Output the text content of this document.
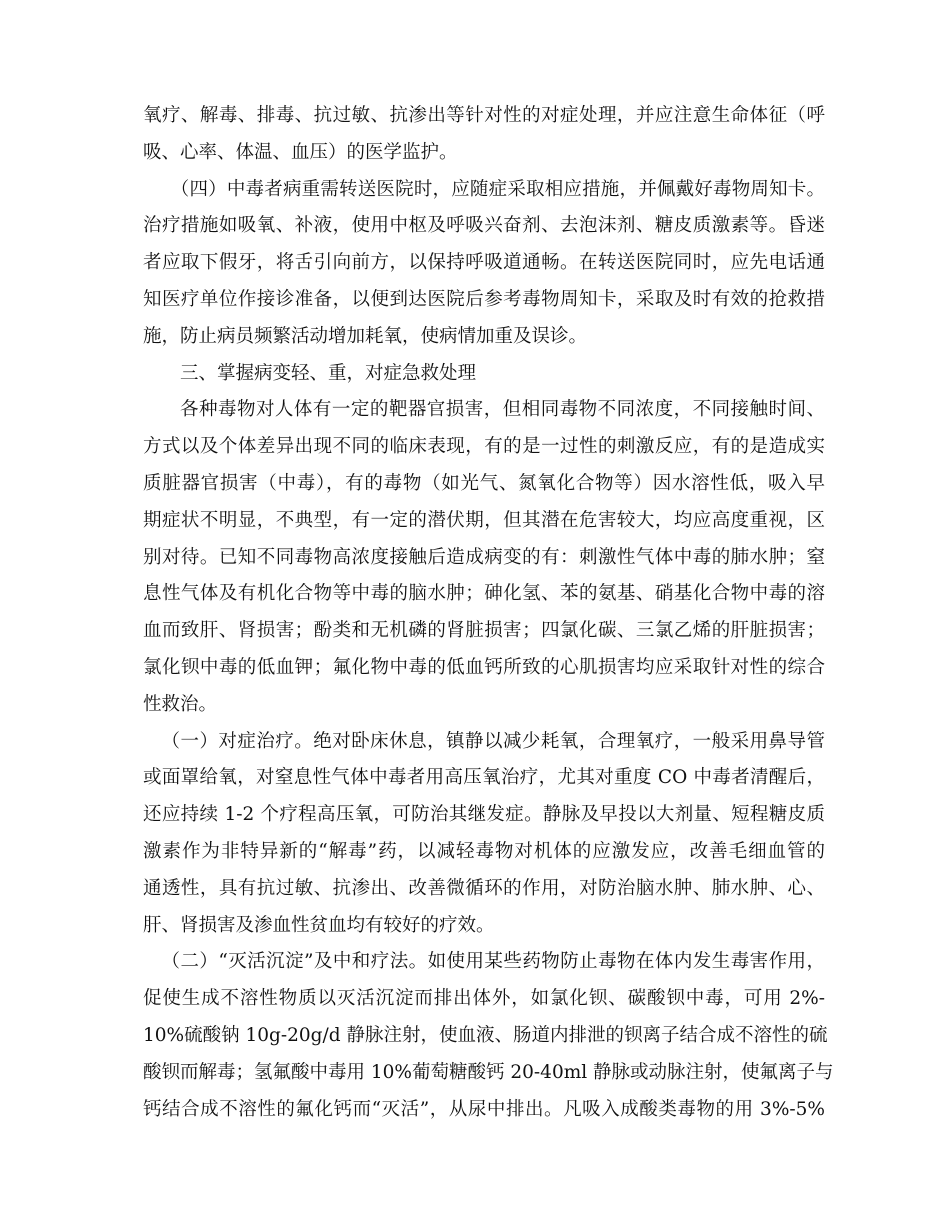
氧疗、解毒、排毒、抗过敏、抗渗出等针对性的对症处理，并应注意生命体征（呼
吸、心率、体温、血压）的医学监护。
（四）中毒者病重需转送医院时，应随症采取相应措施，并佩戴好毒物周知卡。
治疗措施如吸氧、补液，使用中枢及呼吸兴奋剂、去泡沫剂、糖皮质激素等。昏迷
者应取下假牙，将舌引向前方，以保持呼吸道通畅。在转送医院同时，应先电话通
知医疗单位作接诊准备，以便到达医院后参考毒物周知卡，采取及时有效的抢救措
施，防止病员频繁活动增加耗氧，使病情加重及误诊。
三、掌握病变轻、重，对症急救处理
各种毒物对人体有一定的靶器官损害，但相同毒物不同浓度，不同接触时间、
方式以及个体差异出现不同的临床表现，有的是一过性的刺激反应，有的是造成实
质脏器官损害（中毒），有的毒物（如光气、氮氧化合物等）因水溶性低，吸入早
期症状不明显，不典型，有一定的潜伏期，但其潜在危害较大，均应高度重视，区
别对待。已知不同毒物高浓度接触后造成病变的有：刺激性气体中毒的肺水肿；窒
息性气体及有机化合物等中毒的脑水肿；砷化氢、苯的氨基、硝基化合物中毒的溶
血而致肝、肾损害；酚类和无机磷的肾脏损害；四氯化碳、三氯乙烯的肝脏损害；
氯化钡中毒的低血钾；氟化物中毒的低血钙所致的心肌损害均应采取针对性的综合
性救治。
（一）对症治疗。绝对卧床休息，镇静以减少耗氧，合理氧疗，一般采用鼻导管
或面罩给氧，对窒息性气体中毒者用高压氧治疗，尤其对重度 CO 中毒者清醒后，
还应持续 1-2 个疗程高压氧，可防治其继发症。静脉及早投以大剂量、短程糖皮质
激素作为非特异新的“解毒”药，以减轻毒物对机体的应激发应，改善毛细血管的
通透性，具有抗过敏、抗渗出、改善微循环的作用，对防治脑水肿、肺水肿、心、
肝、肾损害及渗血性贫血均有较好的疗效。
（二）“灭活沉淀”及中和疗法。如使用某些药物防止毒物在体内发生毒害作用，
促使生成不溶性物质以灭活沉淀而排出体外，如氯化钡、碳酸钡中毒，可用 2%-
10%硫酸钠 10g-20g/d 静脉注射，使血液、肠道内排泄的钡离子结合成不溶性的硫
酸钡而解毒；氢氟酸中毒用 10%葡萄糖酸钙 20-40ml 静脉或动脉注射，使氟离子与
钙结合成不溶性的氟化钙而“灭活”，从尿中排出。凡吸入成酸类毒物的用 3%-5%
